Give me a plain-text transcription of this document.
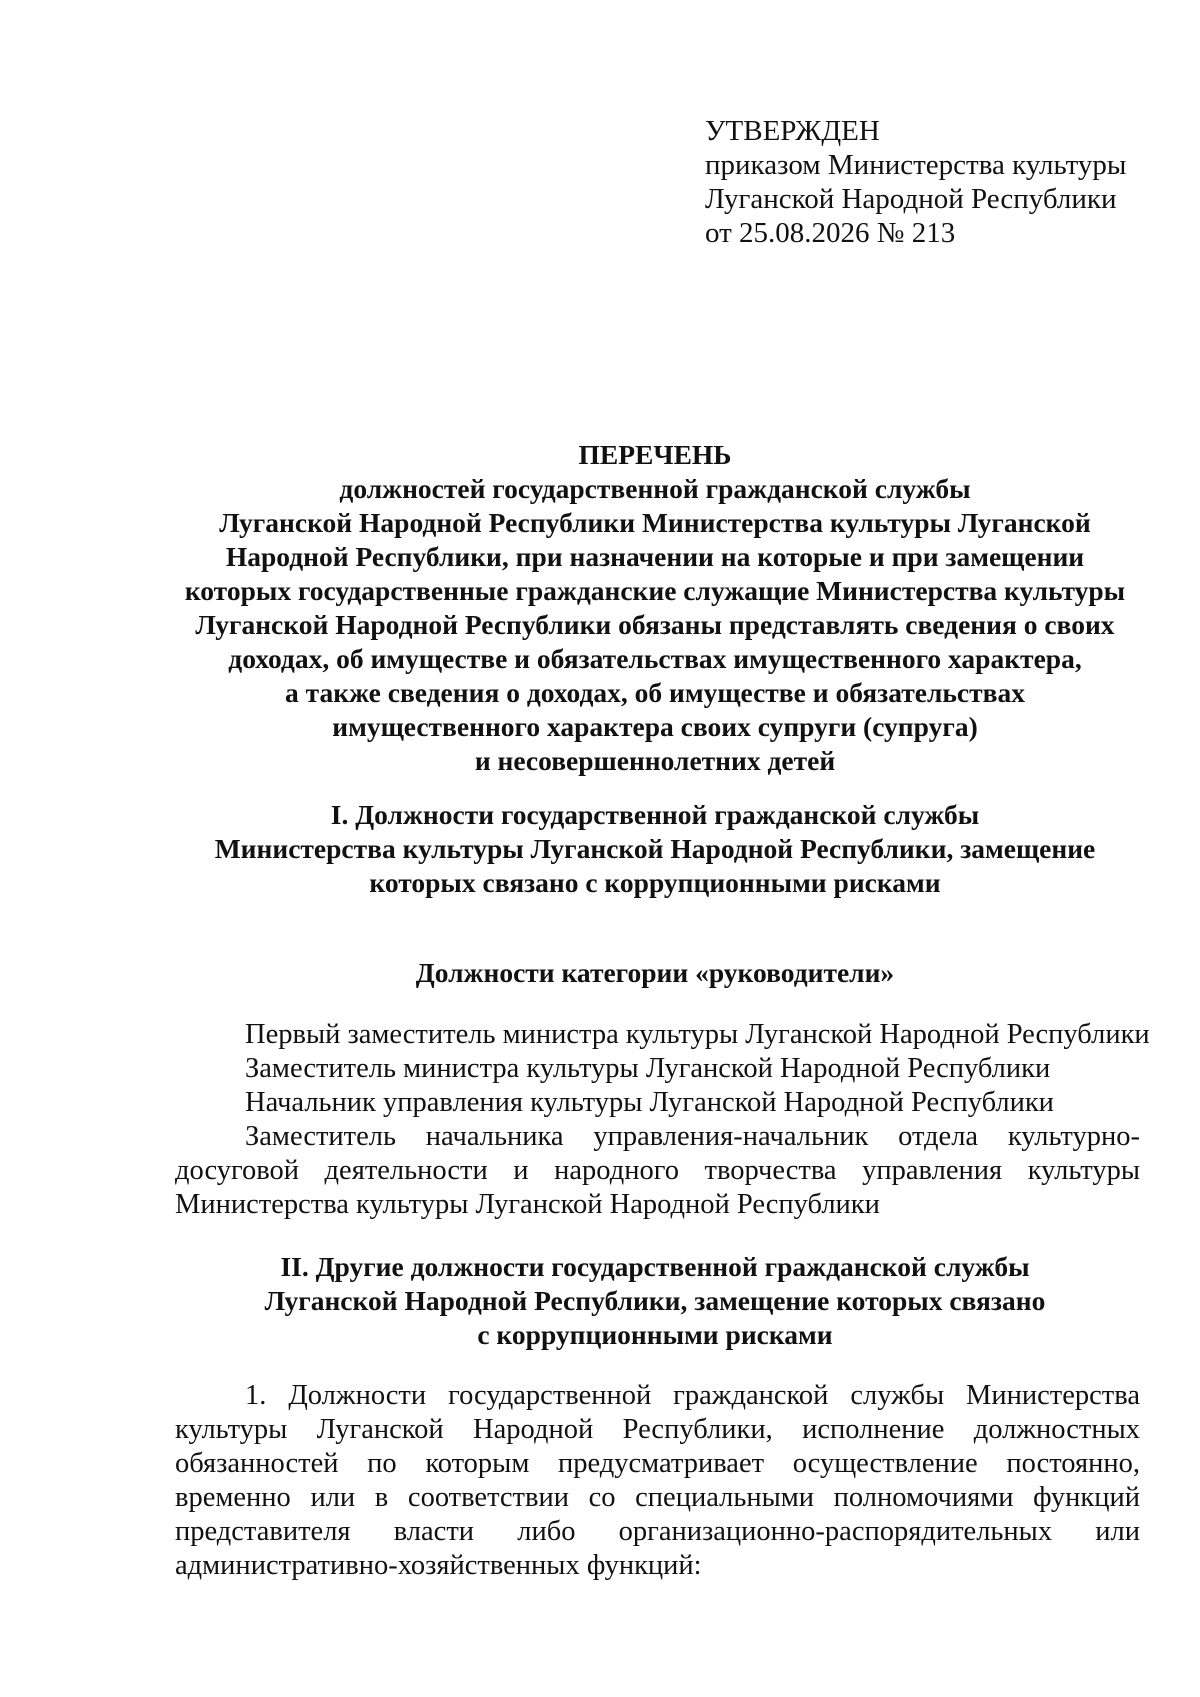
УТВЕРЖДЕН
приказом Министерства культуры
Луганской Народной Республики
от 25.08.2026 № 213
ПЕРЕЧЕНЬ
должностей государственной гражданской службы
Луганской Народной Республики Министерства культуры Луганской
Народной Республики, при назначении на которые и при замещении
которых государственные гражданские служащие Министерства культуры
Луганской Народной Республики обязаны представлять сведения о своих
доходах, об имуществе и обязательствах имущественного характера,
а также сведения о доходах, об имуществе и обязательствах
имущественного характера своих супруги (супруга)
и несовершеннолетних детей
I. Должности государственной гражданской службы
Министерства культуры Луганской Народной Республики, замещение
которых связано с коррупционными рисками
Должности категории «руководители»
Первый заместитель министра культуры Луганской Народной Республики
Заместитель министра культуры Луганской Народной Республики
Начальник управления культуры Луганской Народной Республики
Заместитель начальника управления-начальник отдела культурно-досуговой деятельности и народного творчества управления культуры Министерства культуры Луганской Народной Республики
II. Другие должности государственной гражданской службы
Луганской Народной Республики, замещение которых связано
с коррупционными рисками
1. Должности государственной гражданской службы Министерства культуры Луганской Народной Республики, исполнение должностных обязанностей по которым предусматривает осуществление постоянно, временно или в соответствии со специальными полномочиями функций представителя власти либо организационно-распорядительных или административно-хозяйственных функций:
